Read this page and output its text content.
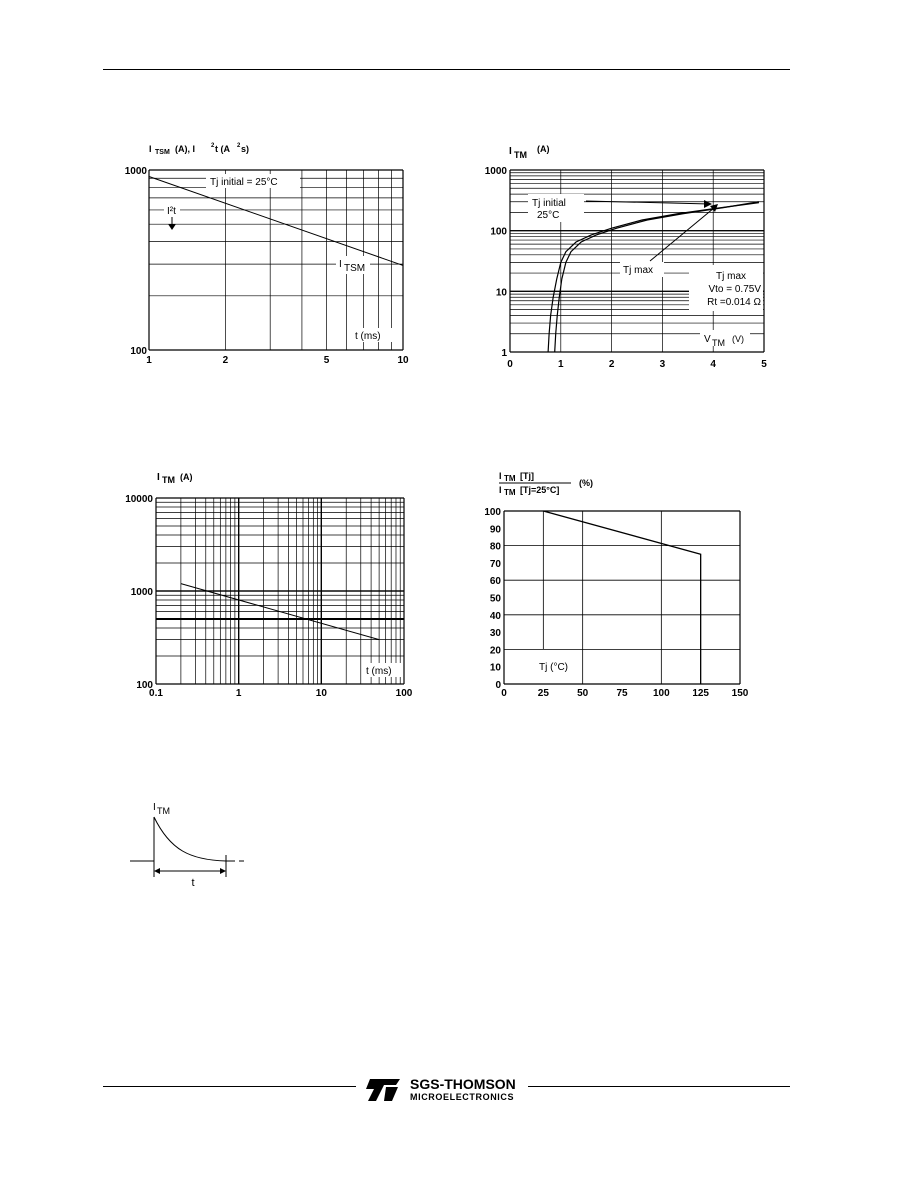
100
1000
1	2	5	10
I TSM (A), I	2 t (A 2 s)
Tj initial = 25°C
I²t
I TSM
t (ms)
1
10
100
1000
0	1	2	3	4	5
I TM
(A)
Tj initial
25°C
Tj max
Tj max
Vto = 0.75V
Rt =0.014 Ω
V TM (V)
100
1000
10000
0.1	1	10	100
I TM (A)
t (ms)
0
10
20
30
40
50
60
70
80
90
100
0	25	50	75	100 125 150
I TM [Tj]
I TM [Tj=25°C]
(%)
Tj (°C)
I TM
t
SGS-THOMSON
MICROELECTRONICS
